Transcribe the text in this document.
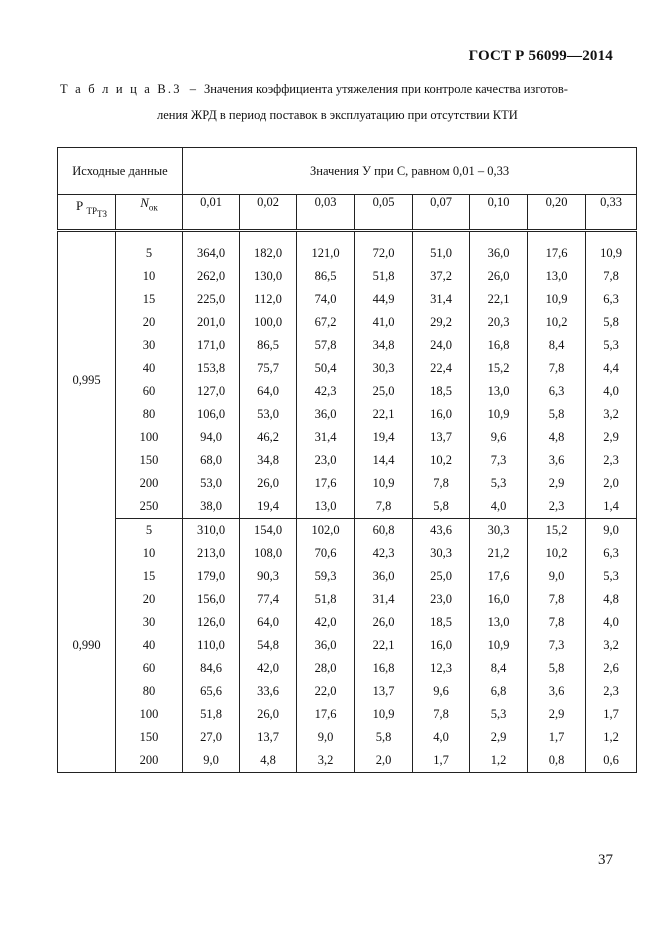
ГОСТ Р 56099—2014
Т а б л и ц а В.3 – Значения коэффициента утяжеления при контроле качества изготов-
ления ЖРД в период поставок в эксплуатацию при отсутствии КТИ
Исходные данные		Значения У при С, равном 0,01 – 0,33							
Р $_{ТР_{ТЗ}}$	$N_{ок}$	0,01	0,02	0,03	0,05	0,07	0,10	0,20	0,33

0,995	5	364,0	182,0	121,0	72,0	51,0	36,0	17,6	10,9
	10	262,0	130,0	86,5	51,8	37,2	26,0	13,0	7,8
	15	225,0	112,0	74,0	44,9	31,4	22,1	10,9	6,3
	20	201,0	100,0	67,2	41,0	29,2	20,3	10,2	5,8
	30	171,0	86,5	57,8	34,8	24,0	16,8	8,4	5,3
	40	153,8	75,7	50,4	30,3	22,4	15,2	7,8	4,4
	60	127,0	64,0	42,3	25,0	18,5	13,0	6,3	4,0
	80	106,0	53,0	36,0	22,1	16,0	10,9	5,8	3,2
	100	94,0	46,2	31,4	19,4	13,7	9,6	4,8	2,9
	150	68,0	34,8	23,0	14,4	10,2	7,3	3,6	2,3
	200	53,0	26,0	17,6	10,9	7,8	5,3	2,9	2,0
	250	38,0	19,4	13,0	7,8	5,8	4,0	2,3	1,4
0,990	5	310,0	154,0	102,0	60,8	43,6	30,3	15,2	9,0
	10	213,0	108,0	70,6	42,3	30,3	21,2	10,2	6,3
	15	179,0	90,3	59,3	36,0	25,0	17,6	9,0	5,3
	20	156,0	77,4	51,8	31,4	23,0	16,0	7,8	4,8
	30	126,0	64,0	42,0	26,0	18,5	13,0	7,8	4,0
	40	110,0	54,8	36,0	22,1	16,0	10,9	7,3	3,2
	60	84,6	42,0	28,0	16,8	12,3	8,4	5,8	2,6
	80	65,6	33,6	22,0	13,7	9,6	6,8	3,6	2,3
	100	51,8	26,0	17,6	10,9	7,8	5,3	2,9	1,7
	150	27,0	13,7	9,0	5,8	4,0	2,9	1,7	1,2
	200	9,0	4,8	3,2	2,0	1,7	1,2	0,8	0,6
37
